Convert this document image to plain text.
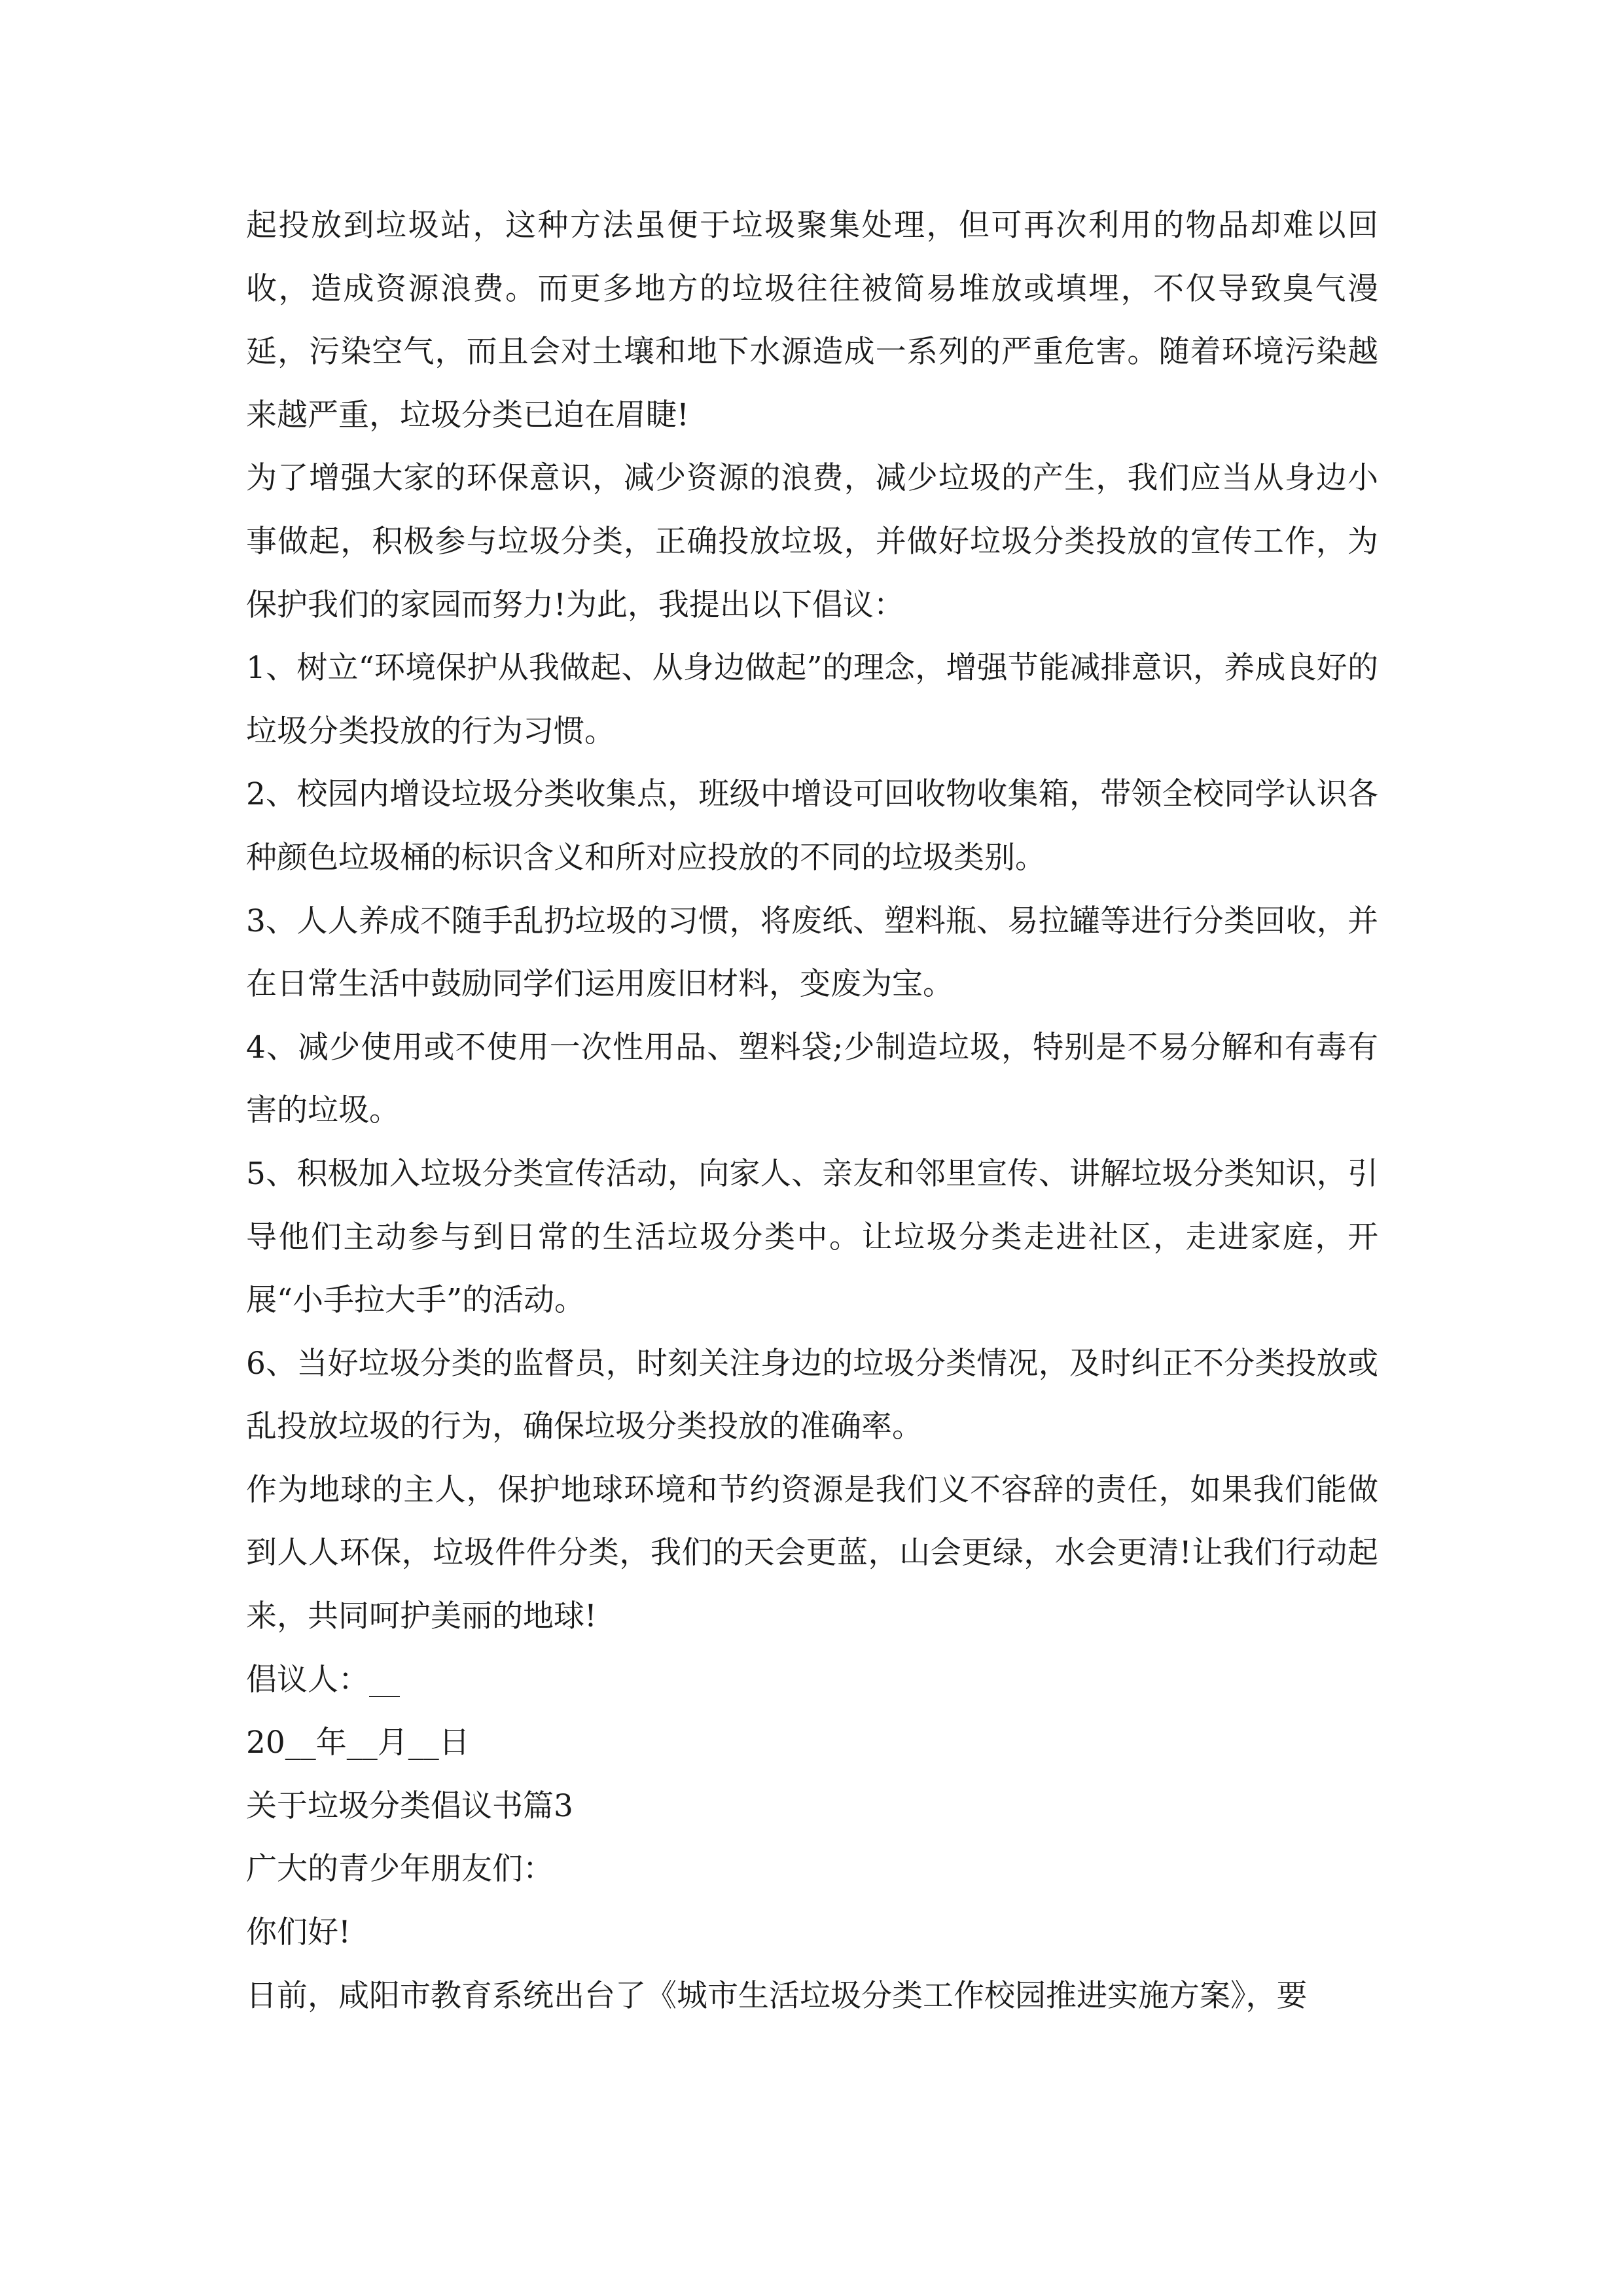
起投放到垃圾站，这种方法虽便于垃圾聚集处理，但可再次利用的物品却难以回收，造成资源浪费。而更多地方的垃圾往往被简易堆放或填埋，不仅导致臭气漫延，污染空气，而且会对土壤和地下水源造成一系列的严重危害。随着环境污染越来越严重，垃圾分类已迫在眉睫!

为了增强大家的环保意识，减少资源的浪费，减少垃圾的产生，我们应当从身边小事做起，积极参与垃圾分类，正确投放垃圾，并做好垃圾分类投放的宣传工作，为保护我们的家园而努力!为此，我提出以下倡议：

1、树立“环境保护从我做起、从身边做起”的理念，增强节能减排意识，养成良好的垃圾分类投放的行为习惯。

2、校园内增设垃圾分类收集点，班级中增设可回收物收集箱，带领全校同学认识各种颜色垃圾桶的标识含义和所对应投放的不同的垃圾类别。

3、人人养成不随手乱扔垃圾的习惯，将废纸、塑料瓶、易拉罐等进行分类回收，并在日常生活中鼓励同学们运用废旧材料，变废为宝。

4、减少使用或不使用一次性用品、塑料袋;少制造垃圾，特别是不易分解和有毒有害的垃圾。

5、积极加入垃圾分类宣传活动，向家人、亲友和邻里宣传、讲解垃圾分类知识，引导他们主动参与到日常的生活垃圾分类中。让垃圾分类走进社区，走进家庭，开展“小手拉大手”的活动。

6、当好垃圾分类的监督员，时刻关注身边的垃圾分类情况，及时纠正不分类投放或乱投放垃圾的行为，确保垃圾分类投放的准确率。

作为地球的主人，保护地球环境和节约资源是我们义不容辞的责任，如果我们能做到人人环保，垃圾件件分类，我们的天会更蓝，山会更绿，水会更清!让我们行动起来，共同呵护美丽的地球!

倡议人：__

20__年__月__日

关于垃圾分类倡议书篇3

广大的青少年朋友们：

你们好!

日前，咸阳市教育系统出台了《城市生活垃圾分类工作校园推进实施方案》，要
